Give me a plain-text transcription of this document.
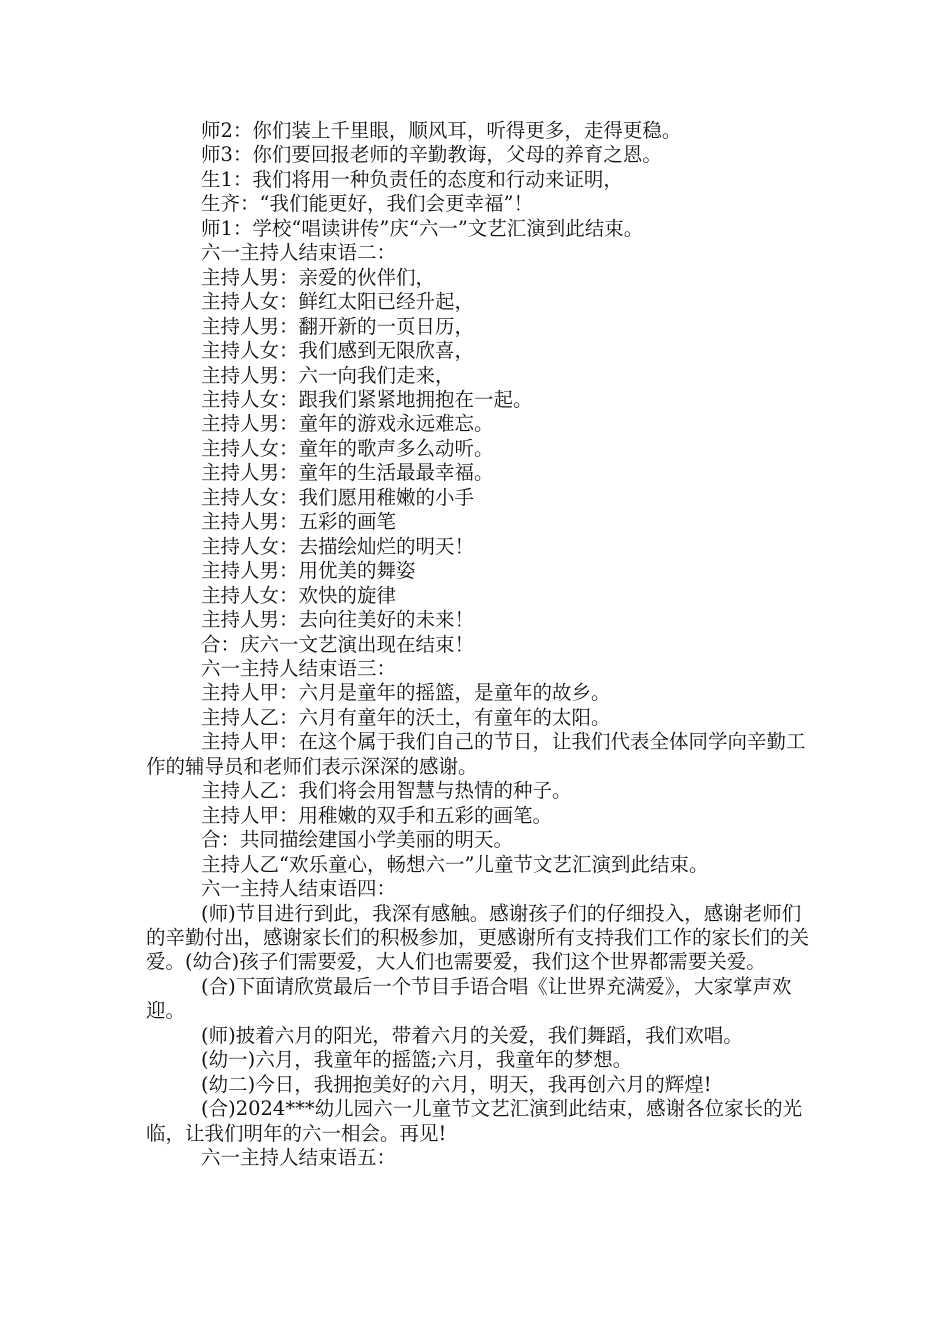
师2：你们装上千里眼，顺风耳，听得更多，走得更稳。

师3：你们要回报老师的辛勤教诲，父母的养育之恩。

生1：我们将用一种负责任的态度和行动来证明，

生齐：“我们能更好，我们会更幸福”！

师1：学校“唱读讲传”庆“六一”文艺汇演到此结束。

六一主持人结束语二：

主持人男：亲爱的伙伴们，

主持人女：鲜红太阳已经升起，

主持人男：翻开新的一页日历，

主持人女：我们感到无限欣喜，

主持人男：六一向我们走来，

主持人女：跟我们紧紧地拥抱在一起。

主持人男：童年的游戏永远难忘。

主持人女：童年的歌声多么动听。

主持人男：童年的生活最最幸福。

主持人女：我们愿用稚嫩的小手

主持人男：五彩的画笔

主持人女：去描绘灿烂的明天！

主持人男：用优美的舞姿

主持人女：欢快的旋律

主持人男：去向往美好的未来！

合：庆六一文艺演出现在结束！

六一主持人结束语三：

主持人甲：六月是童年的摇篮，是童年的故乡。

主持人乙：六月有童年的沃土，有童年的太阳。

主持人甲：在这个属于我们自己的节日，让我们代表全体同学向辛勤工作的辅导员和老师们表示深深的感谢。

主持人乙：我们将会用智慧与热情的种子。

主持人甲：用稚嫩的双手和五彩的画笔。

合：共同描绘建国小学美丽的明天。

主持人乙“欢乐童心，畅想六一”儿童节文艺汇演到此结束。

六一主持人结束语四：

(师)节目进行到此，我深有感触。感谢孩子们的仔细投入，感谢老师们的辛勤付出，感谢家长们的积极参加，更感谢所有支持我们工作的家长们的关爱。(幼合)孩子们需要爱，大人们也需要爱，我们这个世界都需要关爱。

(合)下面请欣赏最后一个节目手语合唱《让世界充满爱》，大家掌声欢迎。

(师)披着六月的阳光，带着六月的关爱，我们舞蹈，我们欢唱。

(幼一)六月，我童年的摇篮;六月，我童年的梦想。

(幼二)今日，我拥抱美好的六月，明天，我再创六月的辉煌!

(合)2024***幼儿园六一儿童节文艺汇演到此结束，感谢各位家长的光临，让我们明年的六一相会。再见!

六一主持人结束语五：
